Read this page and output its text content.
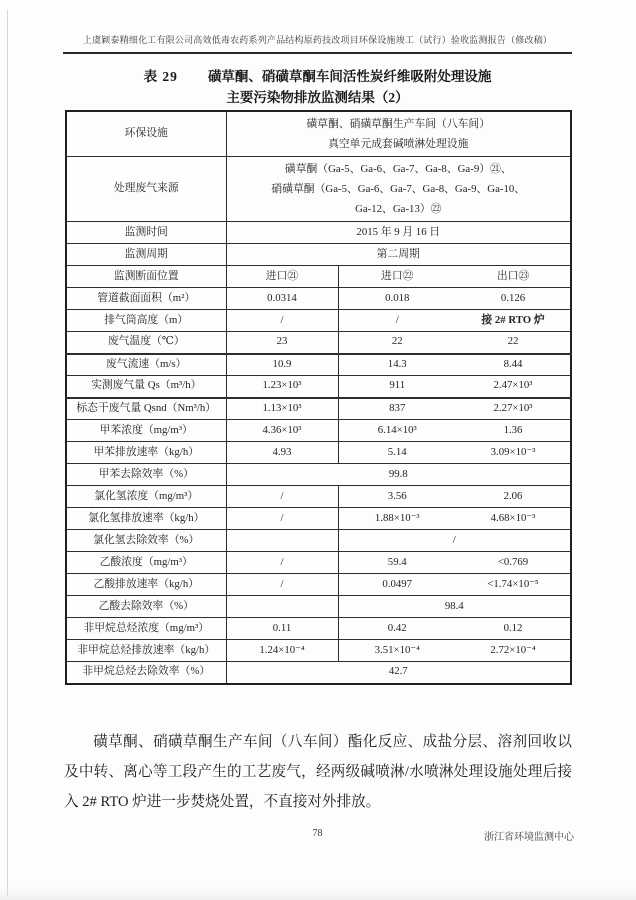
上虞颖泰精细化工有限公司高效低毒农药系列产品结构原药技改项目环保设施竣工（试行）验收监测报告（修改稿）
表 29 磺草酮、硝磺草酮车间活性炭纤维吸附处理设施
主要污染物排放监测结果（2）
环保设施	磺草酮、硝磺草酮生产车间（八车间）
真空单元成套碱喷淋处理设施		

处理废气来源	磺草酮（Ga-5、Ga-6、Ga-7、Ga-8、Ga-9）㉑、
硝磺草酮（Ga-5、Ga-6、Ga-7、Ga-8、Ga-9、Ga-10、
Ga-12、Ga-13）㉒		

监测时间	2015 年 9 月 16 日		
监测周期	第二周期		
监测断面位置	进口㉑	进口㉒	出口㉓
管道截面面积（m²）	0.0314	0.018	0.126
排气筒高度（m）	/	/	接 2# RTO 炉
废气温度（℃）	23	22	22
废气流速（m/s）	10.9	14.3	8.44
实测废气量 Qs（m³/h）	1.23×10³	911	2.47×10³
标态干废气量 Qsnd（Nm³/h）	1.13×10³	837	2.27×10³
甲苯浓度（mg/m³）	4.36×10³	6.14×10³	1.36
甲苯排放速率（kg/h）	4.93	5.14	3.09×10⁻³
甲苯去除效率（%）	99.8		
氯化氢浓度（mg/m³）	/	3.56	2.06
氯化氢排放速率（kg/h）	/	1.88×10⁻³	4.68×10⁻³
氯化氢去除效率（%）		/	
乙酸浓度（mg/m³）	/	59.4	<0.769
乙酸排放速率（kg/h）	/	0.0497	<1.74×10⁻⁵
乙酸去除效率（%）		98.4	
非甲烷总烃浓度（mg/m³）	0.11	0.42	0.12
非甲烷总烃排放速率（kg/h）	1.24×10⁻⁴	3.51×10⁻⁴	2.72×10⁻⁴
非甲烷总烃去除效率（%）	42.7		
磺草酮、硝磺草酮生产车间（八车间）酯化反应、成盐分层、溶剂回收以及中转、离心等工段产生的工艺废气，经两级碱喷淋/水喷淋处理设施处理后接入 2# RTO 炉进一步焚烧处置，不直接对外排放。
78	浙江省环境监测中心
